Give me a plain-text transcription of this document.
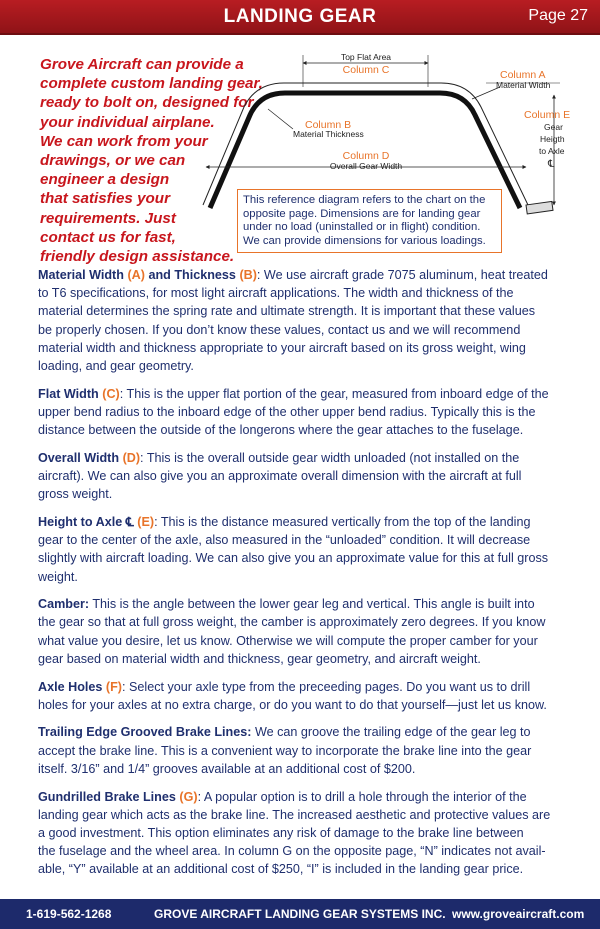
LANDING GEAR	Page 27
Grove Aircraft can provide a
complete custom landing gear,
ready to bolt on, designed for
your individual airplane.
We can work from your
drawings, or we can
engineer a design
that satisfies your
requirements. Just
contact us for fast,
friendly design assistance.
Top Flat Area
Column C	Column A
Material Width
Column B
Material Thickness
Column E
Gear
Heigth
to Axle
℄
Column D
Overall Gear Width
This reference diagram refers to the chart on the
opposite page. Dimensions are for landing gear
under no load (uninstalled or in flight) condition.
We can provide dimensions for various loadings.
Material Width (A) and Thickness (B): We use aircraft grade 7075 aluminum, heat treated
to T6 specifications, for most light aircraft applications. The width and thickness of the
material determines the spring rate and ultimate strength. It is important that these values
be properly chosen. If you don’t know these values, contact us and we will recommend
material width and thickness appropriate to your aircraft based on its gross weight, wing
loading, and gear geometry.
Flat Width (C): This is the upper flat portion of the gear, measured from inboard edge of the
upper bend radius to the inboard edge of the other upper bend radius. Typically this is the
distance between the outside of the longerons where the gear attaches to the fuselage.
Overall Width (D): This is the overall outside gear width unloaded (not installed on the
aircraft). We can also give you an approximate overall dimension with the aircraft at full
gross weight.
Height to Axle ℄ (E): This is the distance measured vertically from the top of the landing
gear to the center of the axle, also measured in the “unloaded” condition. It will decrease
slightly with aircraft loading. We can also give you an approximate value for this at full gross
weight.
Camber: This is the angle between the lower gear leg and vertical. This angle is built into
the gear so that at full gross weight, the camber is approximately zero degrees. If you know
what value you desire, let us know. Otherwise we will compute the proper camber for your
gear based on material width and thickness, gear geometry, and aircraft weight.
Axle Holes (F): Select your axle type from the preceeding pages. Do you want us to drill
holes for your axles at no extra charge, or do you want to do that yourself—just let us know.
Trailing Edge Grooved Brake Lines: We can groove the trailing edge of the gear leg to
accept the brake line. This is a convenient way to incorporate the brake line into the gear
itself. 3/16” and 1/4” grooves available at an additional cost of $200.
Gundrilled Brake Lines (G): A popular option is to drill a hole through the interior of the
landing gear which acts as the brake line. The increased aesthetic and protective values are
a good investment. This option eliminates any risk of damage to the brake line between
the fuselage and the wheel area. In column G on the opposite page, “N” indicates not avail-
able, “Y” available at an additional cost of $250, “I” is included in the landing gear price.
1-619-562-1268	GROVE AIRCRAFT LANDING GEAR SYSTEMS INC. www.groveaircraft.com
